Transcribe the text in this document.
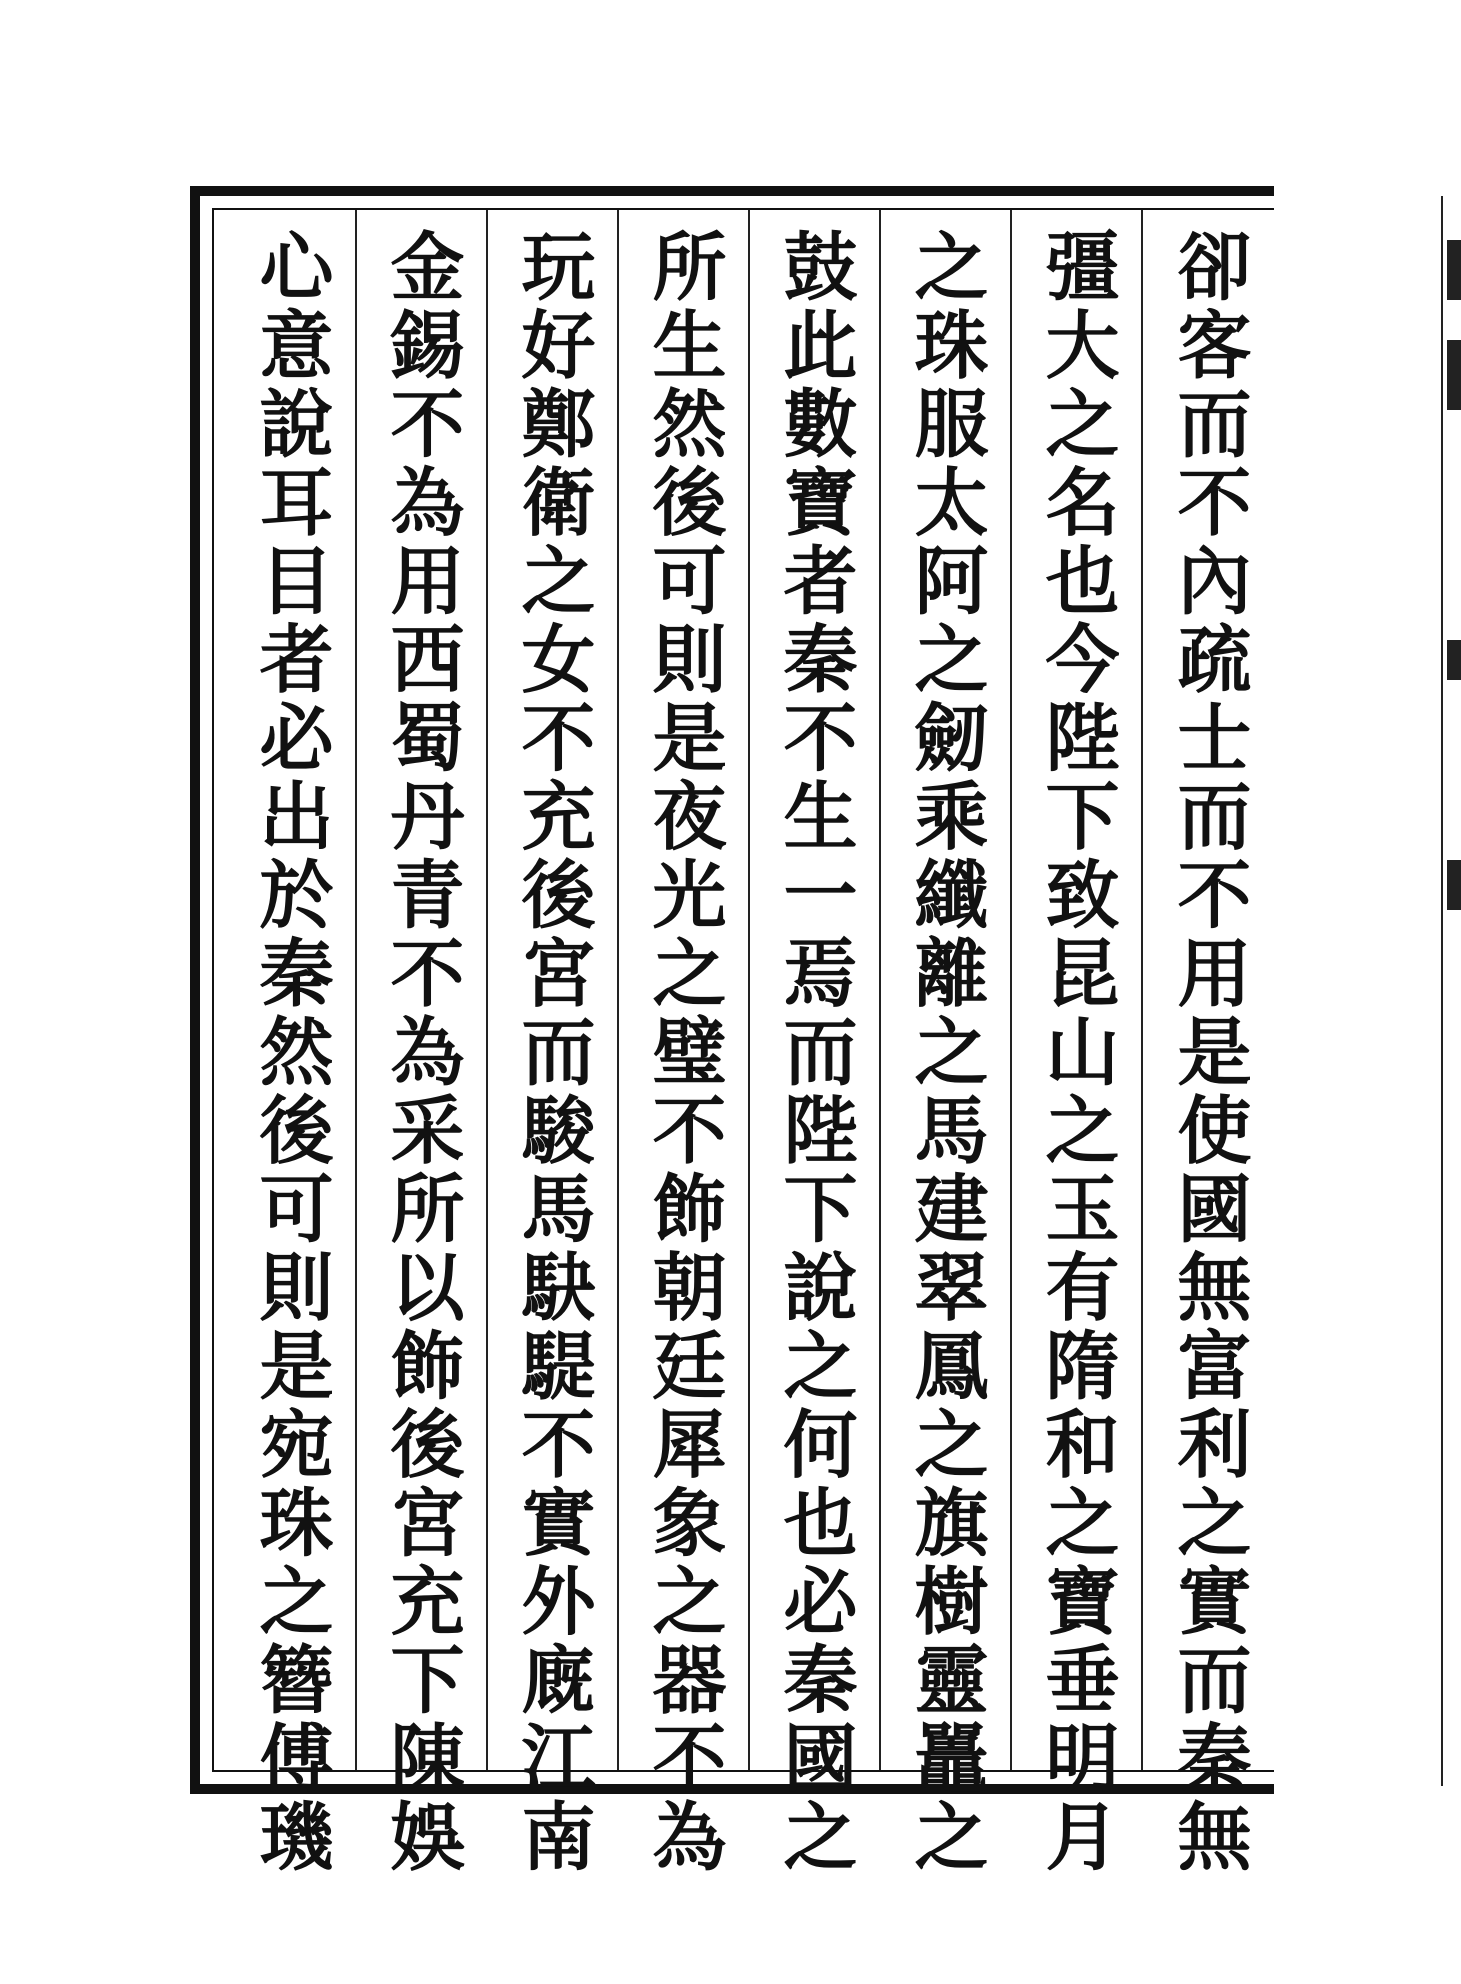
卻客而不內疏士而不用是使國無富利之實而秦無
彊大之名也今陛下致昆山之玉有隋和之寶垂明月
之珠服太阿之劒乘纖離之馬建翠鳳之旗樹靈鼉之
鼓此數寶者秦不生一焉而陛下說之何也必秦國之
所生然後可則是夜光之璧不飾朝廷犀象之器不為
玩好鄭衛之女不充後宮而駿馬駃騠不實外廐江南
金錫不為用西蜀丹青不為采所以飾後宮充下陳娛
心意說耳目者必出於秦然後可則是宛珠之簪傅璣
